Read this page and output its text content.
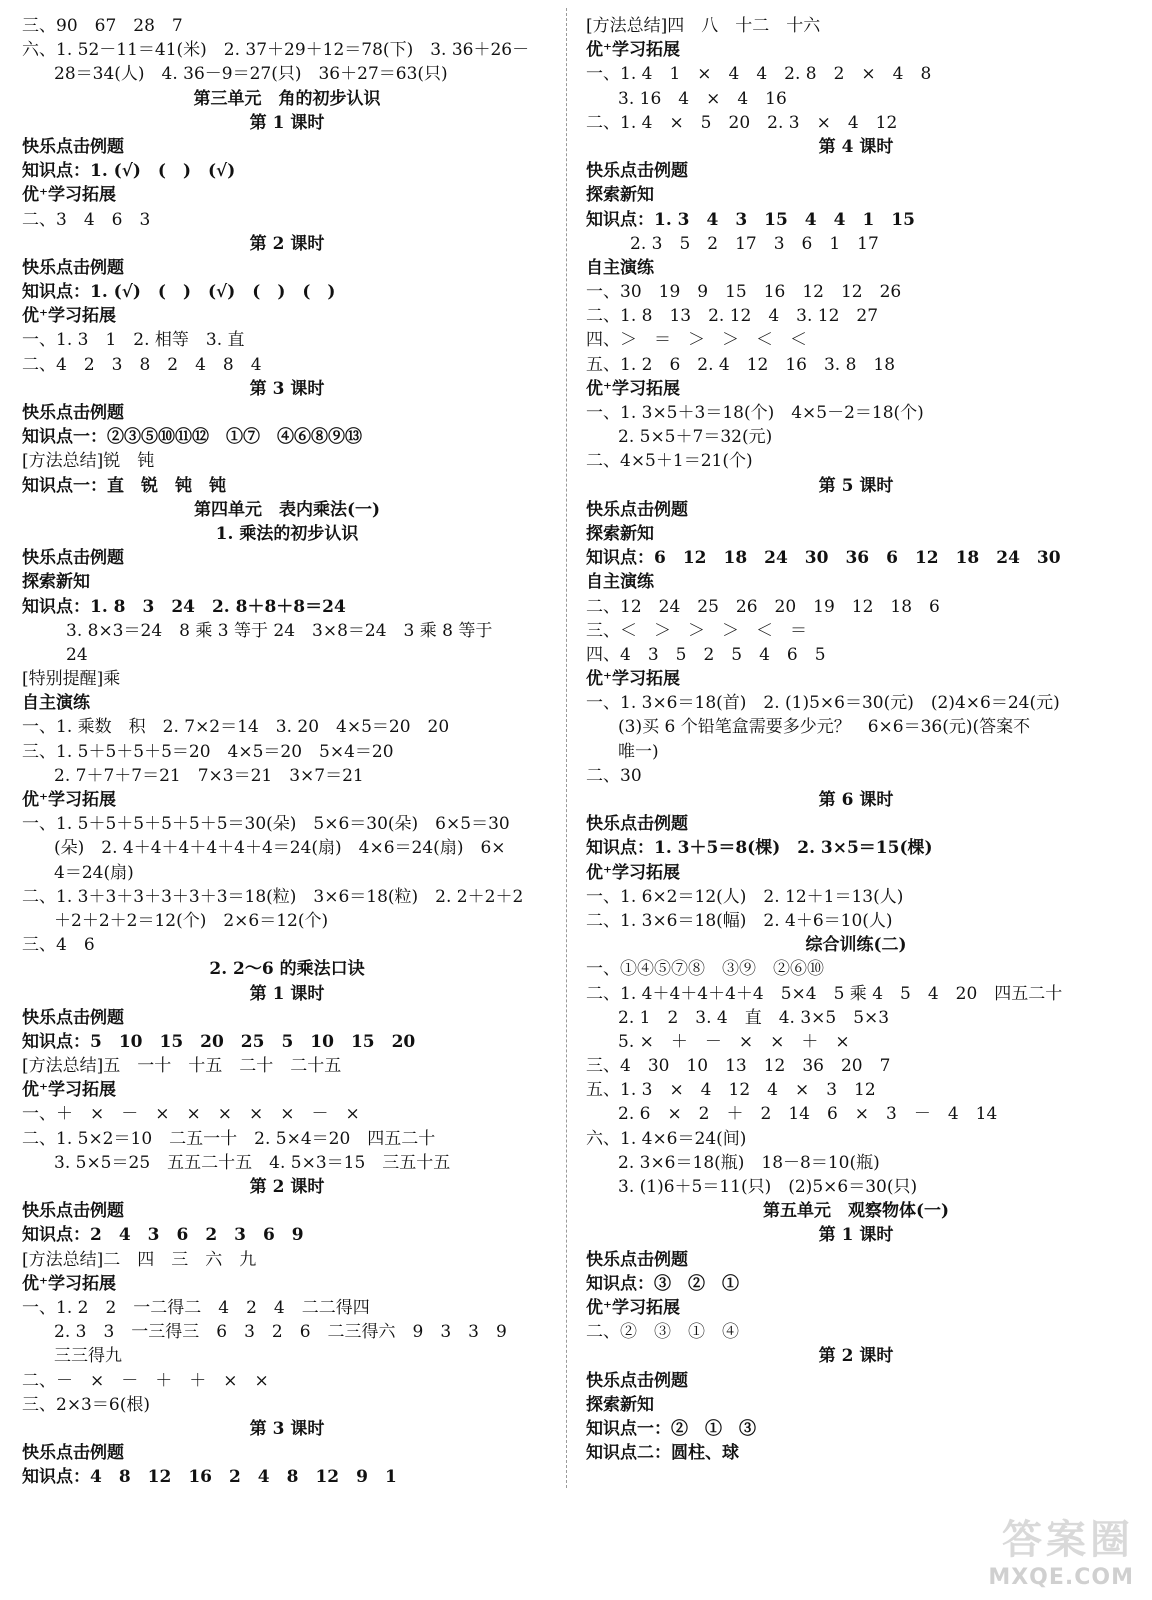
三、90　67　28　7
六、1. 52－11＝41(米)　2. 37＋29＋12＝78(下)　3. 36＋26－
28＝34(人)　4. 36－9＝27(只)　36＋27＝63(只)
第三单元　角的初步认识
第 1 课时
快乐点击例题
知识点：1. (√)　(　)　(√)
优⁺学习拓展
二、3　4　6　3
第 2 课时
快乐点击例题
知识点：1. (√)　(　)　(√)　(　)　(　)
优⁺学习拓展
一、1. 3　1　2. 相等　3. 直
二、4　2　3　8　2　4　8　4
第 3 课时
快乐点击例题
知识点一：②③⑤⑩⑪⑫　①⑦　④⑥⑧⑨⑬
[方法总结]锐　钝
知识点一：直　锐　钝　钝
第四单元　表内乘法(一)
1. 乘法的初步认识
快乐点击例题
探索新知
知识点：1. 8　3　24　2. 8＋8＋8＝24
3. 8×3＝24　8 乘 3 等于 24　3×8＝24　3 乘 8 等于
24
[特别提醒]乘
自主演练
一、1. 乘数　积　2. 7×2＝14　3. 20　4×5＝20　20
三、1. 5＋5＋5＋5＝20　4×5＝20　5×4＝20
2. 7＋7＋7＝21　7×3＝21　3×7＝21
优⁺学习拓展
一、1. 5＋5＋5＋5＋5＋5＝30(朵)　5×6＝30(朵)　6×5＝30
(朵)　2. 4＋4＋4＋4＋4＋4＝24(扇)　4×6＝24(扇)　6×
4＝24(扇)
二、1. 3＋3＋3＋3＋3＋3＝18(粒)　3×6＝18(粒)　2. 2＋2＋2
＋2＋2＋2＝12(个)　2×6＝12(个)
三、4　6
2. 2～6 的乘法口诀
第 1 课时
快乐点击例题
知识点：5　10　15　20　25　5　10　15　20
[方法总结]五　一十　十五　二十　二十五
优⁺学习拓展
一、＋　×　－　×　×　×　×　×　－　×
二、1. 5×2＝10　二五一十　2. 5×4＝20　四五二十
3. 5×5＝25　五五二十五　4. 5×3＝15　三五十五
第 2 课时
快乐点击例题
知识点：2　4　3　6　2　3　6　9
[方法总结]二　四　三　六　九
优⁺学习拓展
一、1. 2　2　一二得二　4　2　4　二二得四
2. 3　3　一三得三　6　3　2　6　二三得六　9　3　3　9
三三得九
二、－　×　－　＋　＋　×　×
三、2×3＝6(根)
第 3 课时
快乐点击例题
知识点：4　8　12　16　2　4　8　12　9　1
[方法总结]四　八　十二　十六
优⁺学习拓展
一、1. 4　1　×　4　4　2. 8　2　×　4　8
3. 16　4　×　4　16
二、1. 4　×　5　20　2. 3　×　4　12
第 4 课时
快乐点击例题
探索新知
知识点：1. 3　4　3　15　4　4　1　15
2. 3　5　2　17　3　6　1　17
自主演练
一、30　19　9　15　16　12　12　26
二、1. 8　13　2. 12　4　3. 12　27
四、＞　＝　＞　＞　＜　＜
五、1. 2　6　2. 4　12　16　3. 8　18
优⁺学习拓展
一、1. 3×5＋3＝18(个)　4×5－2＝18(个)
2. 5×5＋7＝32(元)
二、4×5＋1＝21(个)
第 5 课时
快乐点击例题
探索新知
知识点：6　12　18　24　30　36　6　12　18　24　30
自主演练
二、12　24　25　26　20　19　12　18　6
三、＜　＞　＞　＞　＜　＝
四、4　3　5　2　5　4　6　5
优⁺学习拓展
一、1. 3×6＝18(首)　2. (1)5×6＝30(元)　(2)4×6＝24(元)
(3)买 6 个铅笔盒需要多少元？　6×6＝36(元)(答案不
唯一)
二、30
第 6 课时
快乐点击例题
知识点：1. 3＋5＝8(棵)　2. 3×5＝15(棵)
优⁺学习拓展
一、1. 6×2＝12(人)　2. 12＋1＝13(人)
二、1. 3×6＝18(幅)　2. 4＋6＝10(人)
综合训练(二)
一、①④⑤⑦⑧　③⑨　②⑥⑩
二、1. 4＋4＋4＋4＋4　5×4　5 乘 4　5　4　20　四五二十
2. 1　2　3. 4　直　4. 3×5　5×3
5. ×　＋　－　×　×　＋　×
三、4　30　10　13　12　36　20　7
五、1. 3　×　4　12　4　×　3　12
2. 6　×　2　＋　2　14　6　×　3　－　4　14
六、1. 4×6＝24(间)
2. 3×6＝18(瓶)　18－8＝10(瓶)
3. (1)6＋5＝11(只)　(2)5×6＝30(只)
第五单元　观察物体(一)
第 1 课时
快乐点击例题
知识点：③　②　①
优⁺学习拓展
二、②　③　①　④
第 2 课时
快乐点击例题
探索新知
知识点一：②　①　③
知识点二：圆柱、球
答案圈
MXQE.COM
